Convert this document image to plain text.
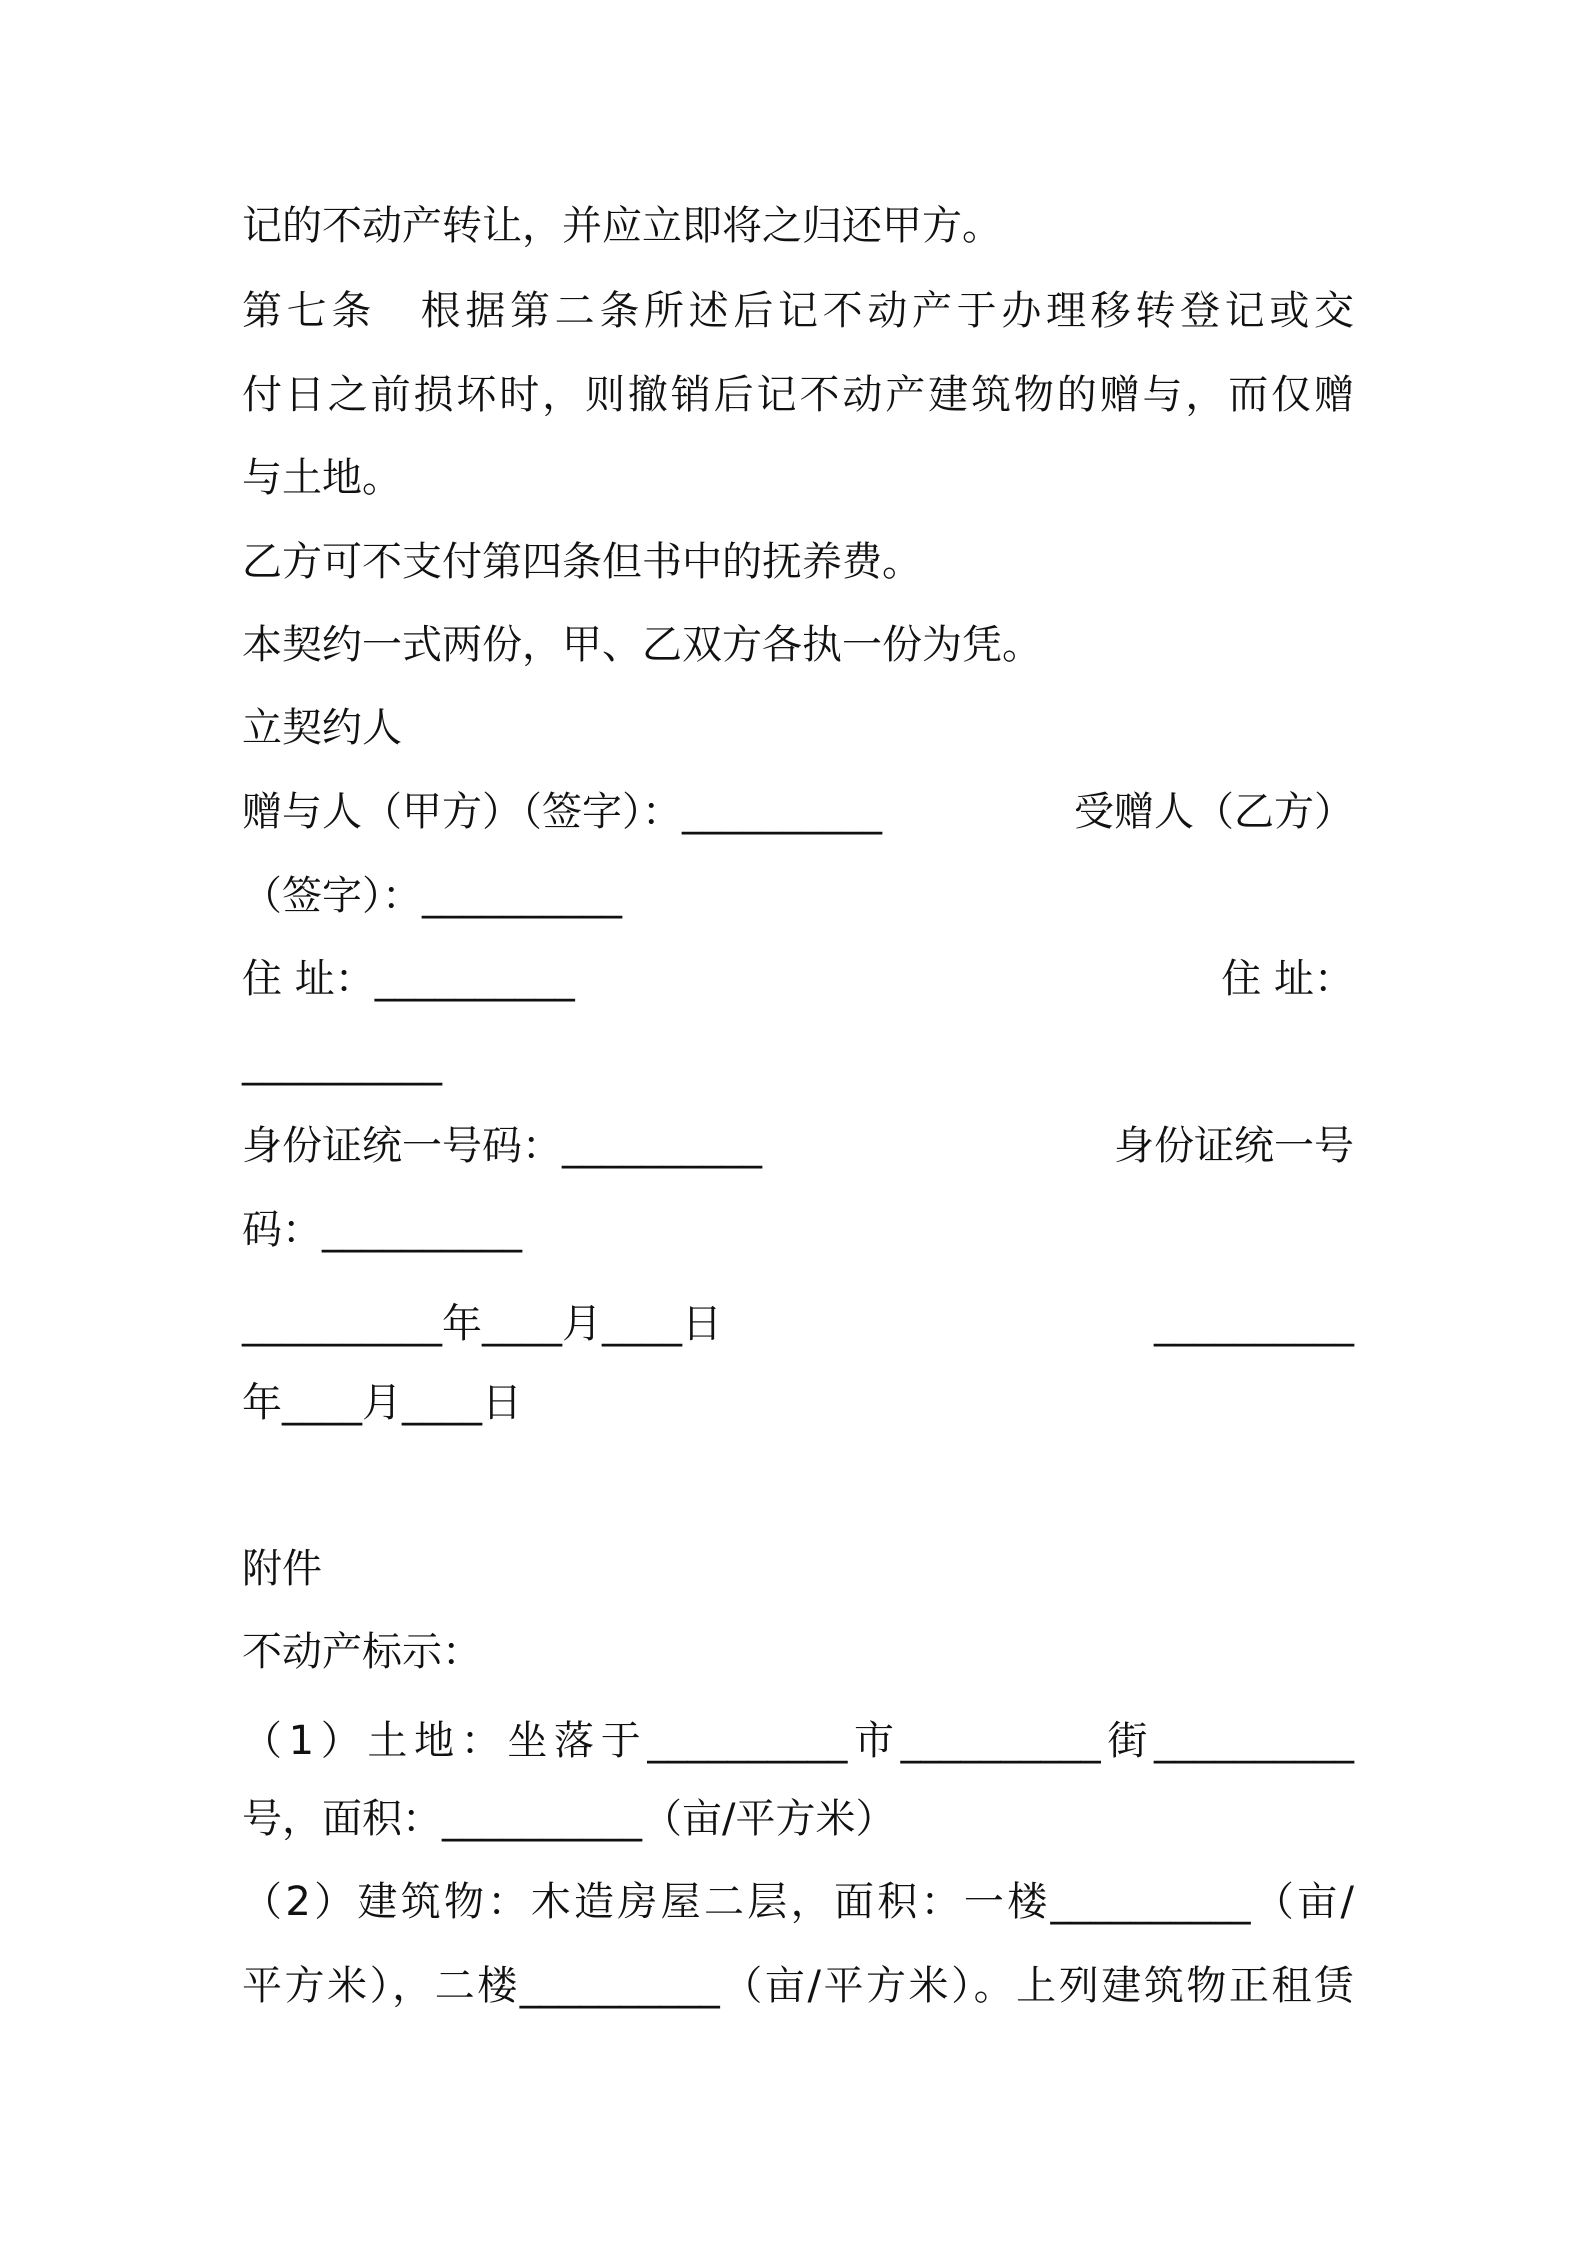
记的不动产转让，并应立即将之归还甲方。
第七条　根据第二条所述后记不动产于办理移转登记或交
付日之前损坏时，则撤销后记不动产建筑物的赠与，而仅赠
与土地。
乙方可不支付第四条但书中的抚养费。
本契约一式两份，甲、乙双方各执一份为凭。
立契约人
赠与人（甲方）（签字）：__________	受赠人（乙方）
（签字）：__________
住 址：__________	住 址：
__________
身份证统一号码：__________	身份证统一号
码：__________
__________年____月____日	__________
年____月____日
附件
不动产标示：
（1）土地：坐落于__________市__________街__________
号，面积：__________（亩/平方米）
（2）建筑物：木造房屋二层，面积：一楼__________（亩/
平方米），二楼__________（亩/平方米）。上列建筑物正租赁
